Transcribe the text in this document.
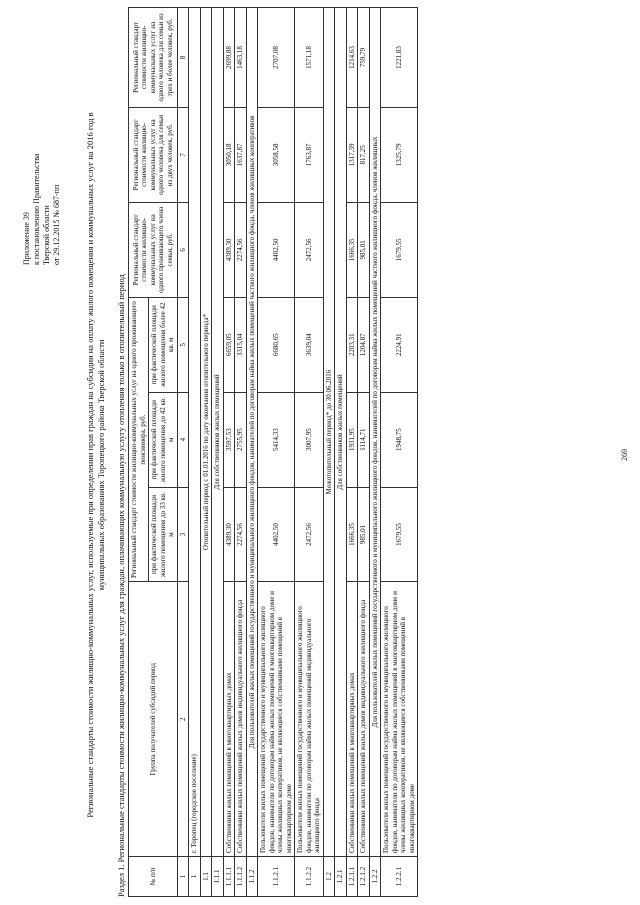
269
Приложение 39 к постановлению Правительства Тверской области от 29.12.2015 № 687-пп	Региональные стандарты стоимости жилищно-коммунальных услуг, используемые при определении прав граждан на субсидии на оплату жилого помещения и коммунальных услуг на 2016 год в муниципальных образованиях Торопецкого района Тверской области Раздел 1. Региональные стандарты стоимости жилищно-коммунальных услуг для граждан, оплачивающих коммунальную услугу отопления только в отопительный период	№ п/п	Группа получателей субсидий период	Региональный стандарт стоимости жилищно-коммунальных услуг на одного проживающего пенсионера, руб.			Региональный стандарт стоимости жилищно-коммунальных услуг на одного проживающего члена семьи, руб.	Региональный стандарт стоимости жилищно-коммунальных услуг на одного человека для семьи из двух человек, руб.	Региональный стандарт стоимости жилищно-коммунальных услуг на одного человека для семьи из трех и более человек, руб.
		при фактической площади жилого помещения до 33 кв. м	при фактической площади жилого помещения до 42 кв. м	при фактической площади жилого помещения более 42 кв. м			
1	2	3	4	5	6	7	8
1	г. Торопец (городское поселение)						
1.1	Отопительный период с 01.01.2016 по дату окончания отопительного периода*						
1.1.1	Для собственников жилых помещений						
1.1.1.1	Собственники жилых помещений в многоквартирных домах	4389,30	3597,53	6659,05	4389,30	3050,18	2699,88
1.1.1.2	Собственники жилых помещений жилых домов индивидуального жилищного фонда	2274,56	2755,95	3315,04	2274,56	1637,87	1463,18
1.1.2	Для пользователей жилых помещений государственного и муниципального жилищного фондов, нанимателей по договорам найма жилых помещений частного жилищного фонда, членов жилищных кооперативов						
1.1.2.1	Пользователи жилых помещений государственного и муниципального жилищного фондов, наниматели по договорам найма жилых помещений в многоквартирном доме и члены жилищных кооперативов, не являющиеся собственниками помещений в многоквартирном доме	4402,50	5414,33	6680,65	4402,50	3058,58	2707,08
1.1.2.2	Пользователи жилых помещений государственного и муниципального жилищного фондов, наниматели по договорам найма жилых помещений индивидуального жилищного фонда	2472,56	3007,95	3639,04	2472,56	1763,87	1571,18
1.2	Межотопительный период* до 30.06.2016						
1.2.1	Для собственников жилых помещений						
1.2.1.1	Собственники жилых помещений в многоквартирных домах	1666,35	1931,95	2203,31	1666,35	1317,39	1214,63
1.2.1.2	Собственники жилых помещений жилых домов индивидуального жилищного фонда	985,01	1114,71	1204,87	985,01	817,25	759,79
1.2.2	Для пользователей жилых помещений государственного и муниципального жилищного фондов, нанимателей по договорам найма жилых помещений частного жилищного фонда, членов жилищных						
1.2.2.1	Пользователи жилых помещений государственного и муниципального жилищного фондов, наниматели по договорам найма жилых помещений в многоквартирном доме и члены жилищных кооперативов, не являющиеся собственниками помещений в многоквартирном доме	1679,55	1948,75	2224,91	1679,55	1325,79	1221,83
